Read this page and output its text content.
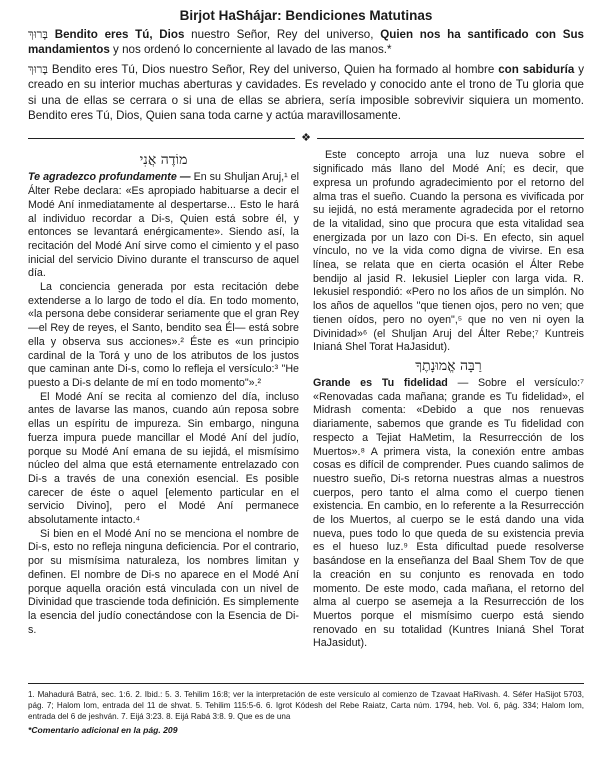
Birjot HaShájar: Bendiciones Matutinas

בָּרוּךְ Bendito eres Tú, Dios nuestro Señor, Rey del universo, Quien nos ha santificado con Sus mandamientos y nos ordenó lo concerniente al lavado de las manos.*

בָּרוּךְ Bendito eres Tú, Dios nuestro Señor, Rey del universo, Quien ha formado al hombre con sabiduría y creado en su interior muchas aberturas y cavidades. Es revelado y conocido ante el trono de Tu gloria que si una de ellas se cerrara o si una de ellas se abriera, sería imposible sobrevivir siquiera un momento. Bendito eres Tú, Dios, Quien sana toda carne y actúa maravillosamente.

❖
מוֹדֶה אֲנִי

Te agradezco profundamente — En su Shuljan Aruj,¹ el Álter Rebe declara: «Es apropiado habituarse a decir el Modé Aní inmediatamente al despertarse... Esto le hará al individuo recordar a Di-s, Quien está sobre él, y entonces se levantará enérgicamente». Siendo así, la recitación del Modé Aní sirve como el cimiento y el paso inicial del servicio Divino durante el transcurso de aquel día.

La conciencia generada por esta recitación debe extenderse a lo largo de todo el día. En todo momento, «la persona debe considerar seriamente que el gran Rey —el Rey de reyes, el Santo, bendito sea Él— está sobre ella y observa sus acciones».² Éste es «un principio cardinal de la Torá y uno de los atributos de los justos que caminan ante Di-s, como lo refleja el versículo:³ "He puesto a Di-s delante de mí en todo momento"».²

El Modé Aní se recita al comienzo del día, incluso antes de lavarse las manos, cuando aún reposa sobre ellas un espíritu de impureza. Sin embargo, ninguna fuerza impura puede mancillar el Modé Aní del judío, porque su Modé Aní emana de su iejidá, el mismísimo núcleo del alma que está eternamente entrelazado con Di-s a través de una conexión esencial. Es posible carecer de éste o aquel [elemento particular en el servicio Divino], pero el Modé Aní permanece absolutamente intacto.⁴

Si bien en el Modé Aní no se menciona el nombre de Di-s, esto no refleja ninguna deficiencia. Por el contrario, por su mismísima naturaleza, los nombres limitan y definen. El nombre de Di-s no aparece en el Modé Aní porque aquella oración está vinculada con un nivel de Divinidad que trasciende toda definición. Es simplemente la esencia del judío conectándose con la Esencia de Di-s.

Este concepto arroja una luz nueva sobre el significado más llano del Modé Aní; es decir, que expresa un profundo agradecimiento por el retorno del alma tras el sueño. Cuando la persona es vivificada por su iejidá, no está meramente agradecida por el retorno de la vitalidad, sino que procura que esta vitalidad sea energizada por un lazo con Di-s. En efecto, sin aquel vínculo, no ve la vida como digna de vivirse. En esa línea, se relata que en cierta ocasión el Álter Rebe bendijo al jasid R. Iekusiel Liepler con larga vida. R. Iekusiel respondió: «Pero no los años de un simplón. No los años de aquellos "que tienen ojos, pero no ven; que tienen oídos, pero no oyen",⁵ que no ven ni oyen la Divinidad»⁶ (el Shuljan Aruj del Álter Rebe;⁷ Kuntreis Inianá Shel Torat HaJasidut).

רַבָּה אֱמוּנָתֶךָ

Grande es Tu fidelidad — Sobre el versículo:⁷ «Renovadas cada mañana; grande es Tu fidelidad», el Midrash comenta: «Debido a que nos renuevas diariamente, sabemos que grande es Tu fidelidad con respecto a Tejiat HaMetim, la Resurrección de los Muertos».⁸ A primera vista, la conexión entre ambas cosas es difícil de comprender. Pues cuando salimos de nuestro sueño, Di-s retorna nuestras almas a nuestros cuerpos, pero tanto el alma como el cuerpo tienen existencia. En cambio, en lo referente a la Resurrección de los Muertos, al cuerpo se le está dando una vida nueva, pues todo lo que queda de su existencia previa es el hueso luz.⁹ Esta dificultad puede resolverse basándose en la enseñanza del Baal Shem Tov de que la creación en su conjunto es renovada en todo momento. De este modo, cada mañana, el retorno del alma al cuerpo se asemeja a la Resurrección de los Muertos porque el mismísimo cuerpo está siendo renovado en su totalidad (Kuntres Inianá Shel Torat HaJasidut).

1. Mahadurá Batrá, sec. 1:6. 2. Ibid.: 5. 3. Tehilim 16:8; ver la interpretación de este versículo al comienzo de Tzavaat HaRivash. 4. Séfer HaSijot 5703, pág. 7; Halom Iom, entrada del 11 de shvat. 5. Tehilim 115:5-6. 6. Igrot Kódesh del Rebe Raiatz, Carta núm. 1794, heb. Vol. 6, pág. 334; Halom Iom, entrada del 6 de jeshván. 7. Eijá 3:23. 8. Eijá Rabá 3:8. 9. Que es de una

*Comentario adicional en la pág. 209
